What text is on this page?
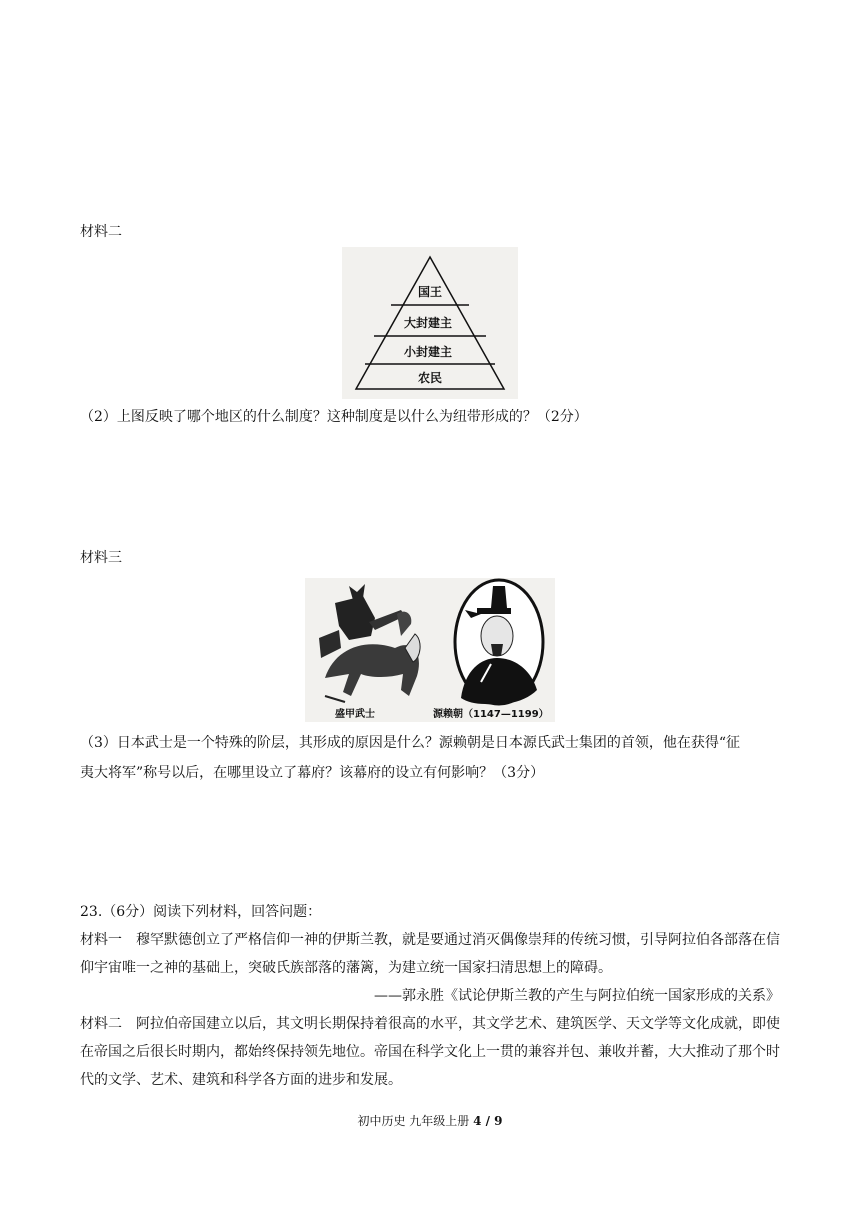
材料二
国王
大封建主
小封建主
农民
（2）上图反映了哪个地区的什么制度？这种制度是以什么为纽带形成的？（2分）
材料三
盛甲武士	源赖朝（1147—1199）
（3）日本武士是一个特殊的阶层，其形成的原因是什么？源赖朝是日本源氏武士集团的首领，他在获得“征
夷大将军”称号以后，在哪里设立了幕府？该幕府的设立有何影响？（3分）
23.（6分）阅读下列材料，回答问题：
材料一　穆罕默德创立了严格信仰一神的伊斯兰教，就是要通过消灭偶像崇拜的传统习惯，引导阿拉伯各部落在信仰宇宙唯一之神的基础上，突破氏族部落的藩篱，为建立统一国家扫清思想上的障碍。
——郭永胜《试论伊斯兰教的产生与阿拉伯统一国家形成的关系》
材料二　阿拉伯帝国建立以后，其文明长期保持着很高的水平，其文学艺术、建筑医学、天文学等文化成就，即使在帝国之后很长时期内，都始终保持领先地位。帝国在科学文化上一贯的兼容并包、兼收并蓄，大大推动了那个时代的文学、艺术、建筑和科学各方面的进步和发展。
初中历史 九年级上册 4 / 9
